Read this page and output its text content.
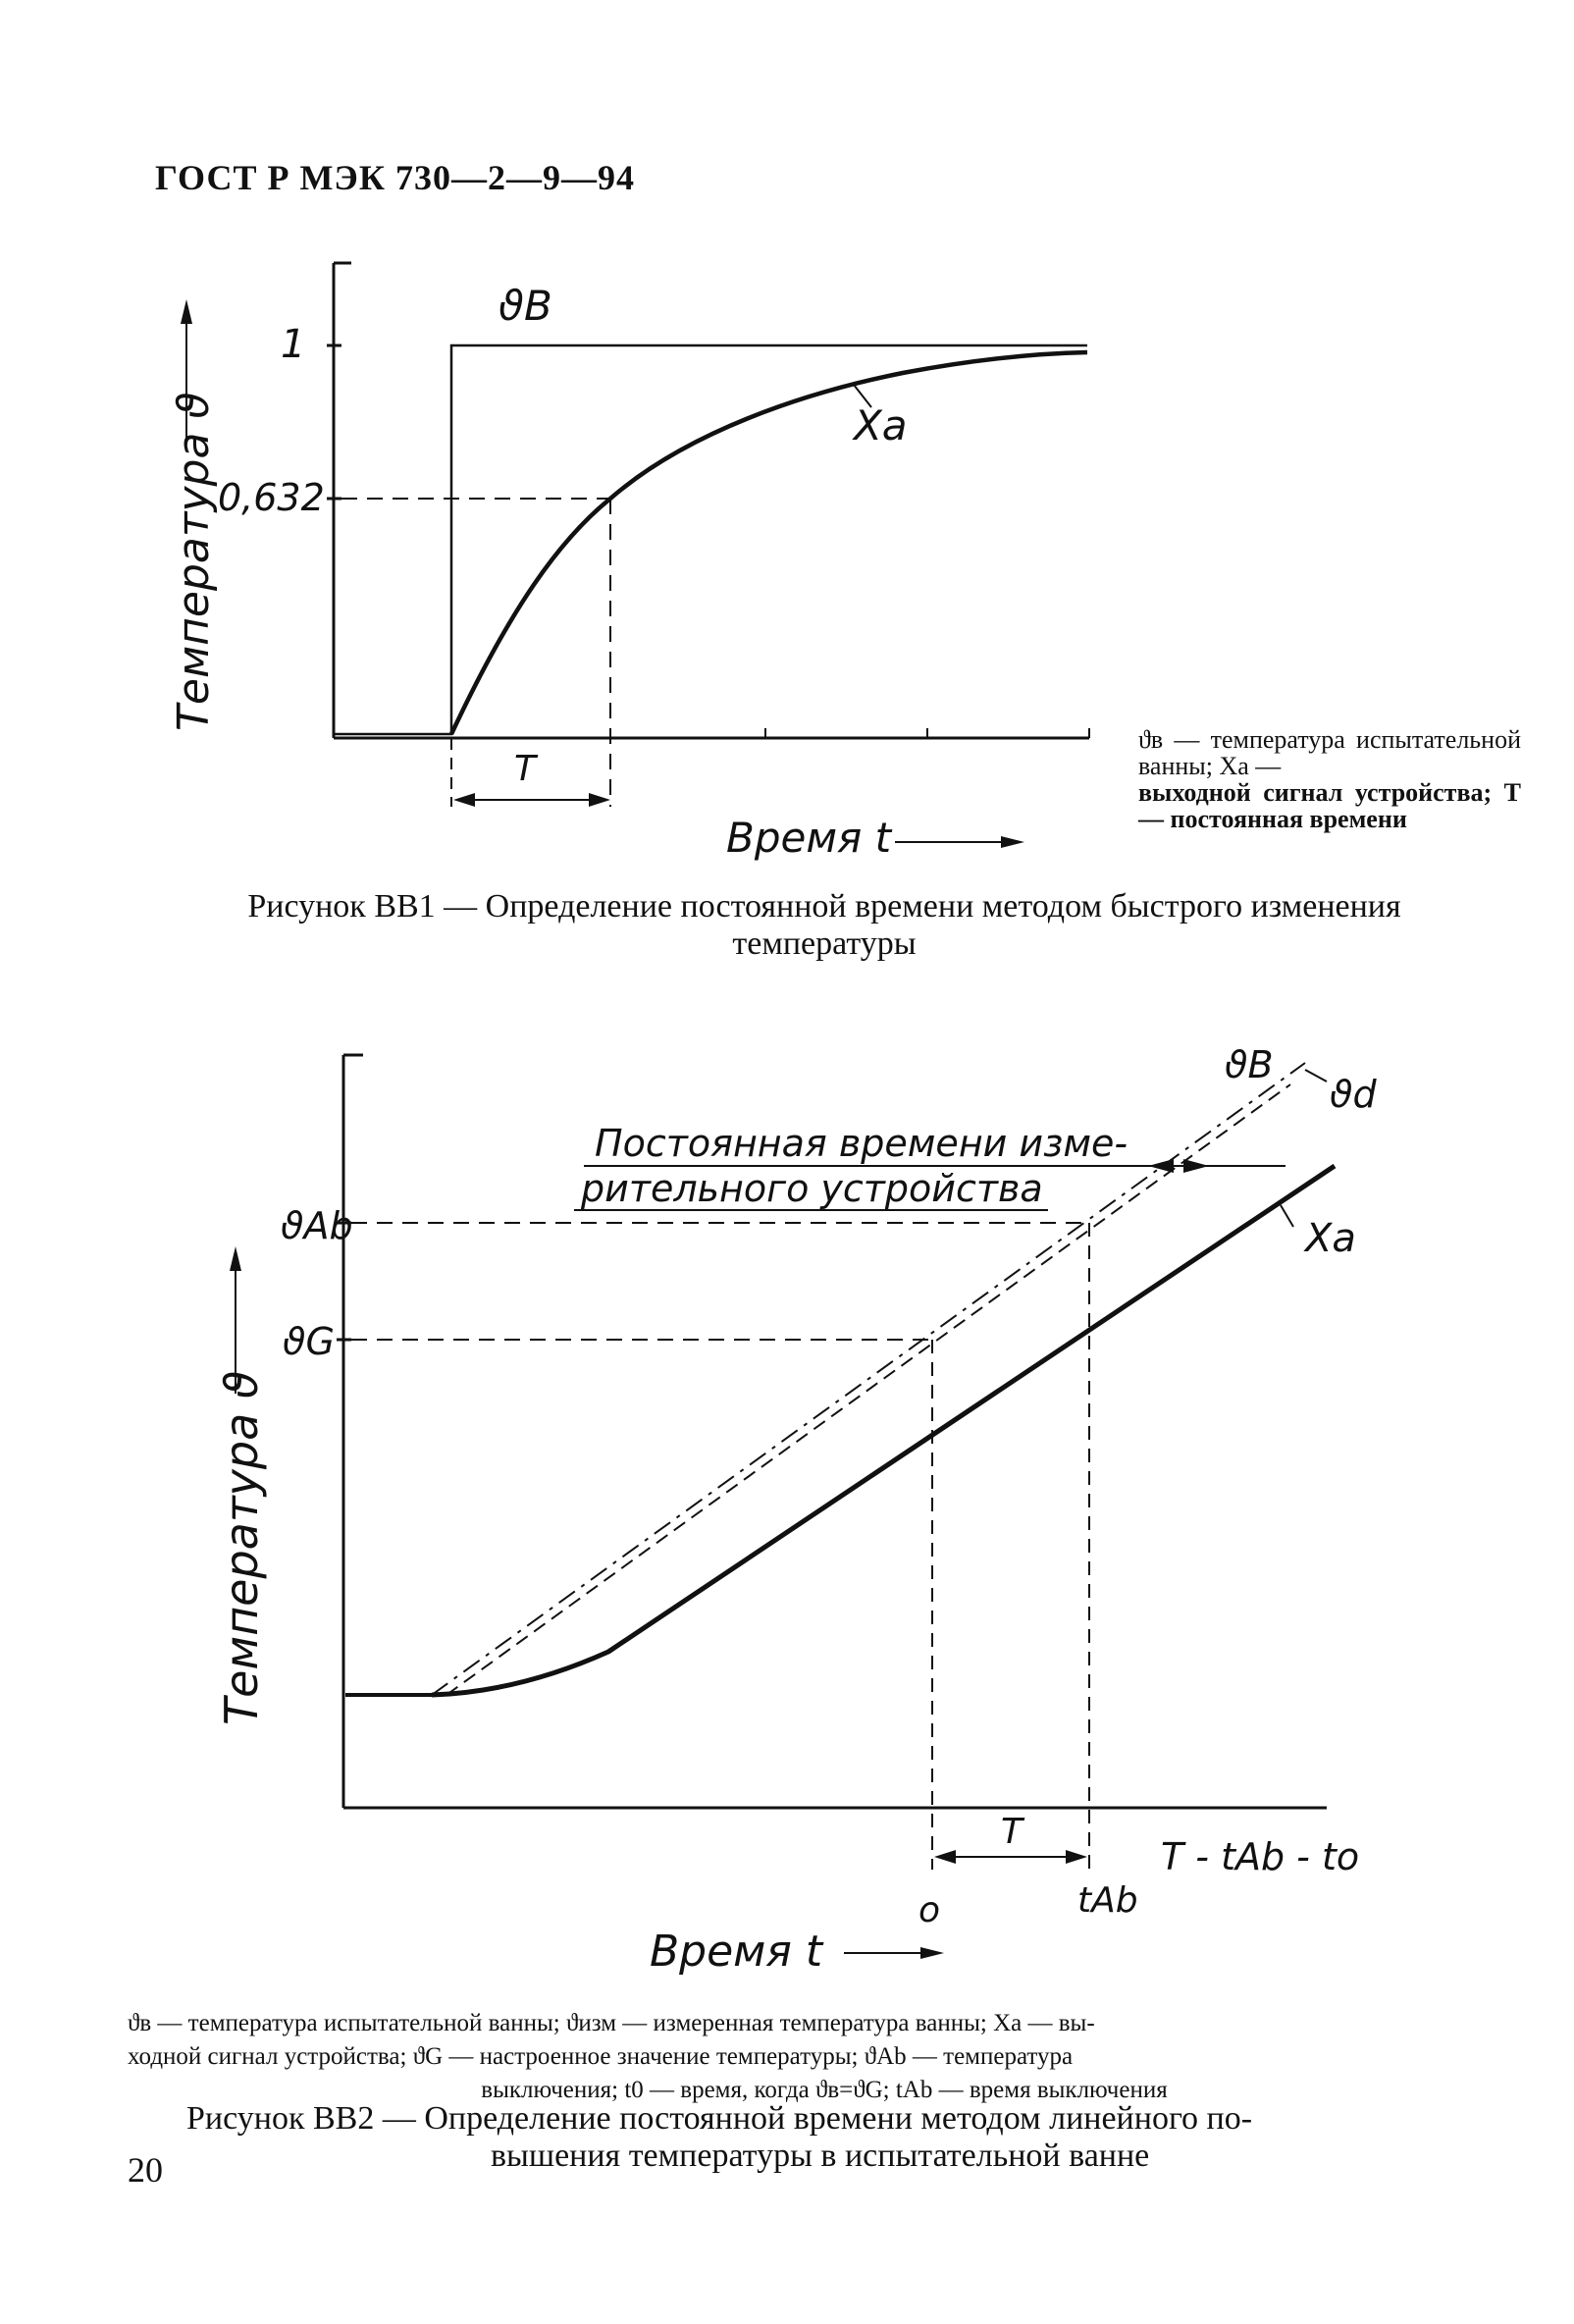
ГОСТ Р МЭК 730—2—9—94
Температура ϑ
1
0,632
ϑB
Xa
T
Время t
Температура ϑ
ϑAb
ϑG
ϑB
ϑd
Xa
Постоянная времени изме-
рительного устройства
T
T - tAb - to
o	tAb
Время t
ϑв — температура испытательной ванны; Xa —
выходной сигнал устройства; T — постоянная времени
Рисунок ВВ1 — Определение постоянной времени методом быстрого изменения
температуры
ϑв — температура испытательной ванны; ϑизм — измеренная температура ванны; Xa — вы-
ходной сигнал устройства; ϑG — настроенное значение температуры; ϑAb — температура
выключения; t0 — время, когда ϑв=ϑG; tAb — время выключения
Рисунок ВВ2 — Определение постоянной времени методом линейного по-
вышения температуры в испытательной ванне
20
